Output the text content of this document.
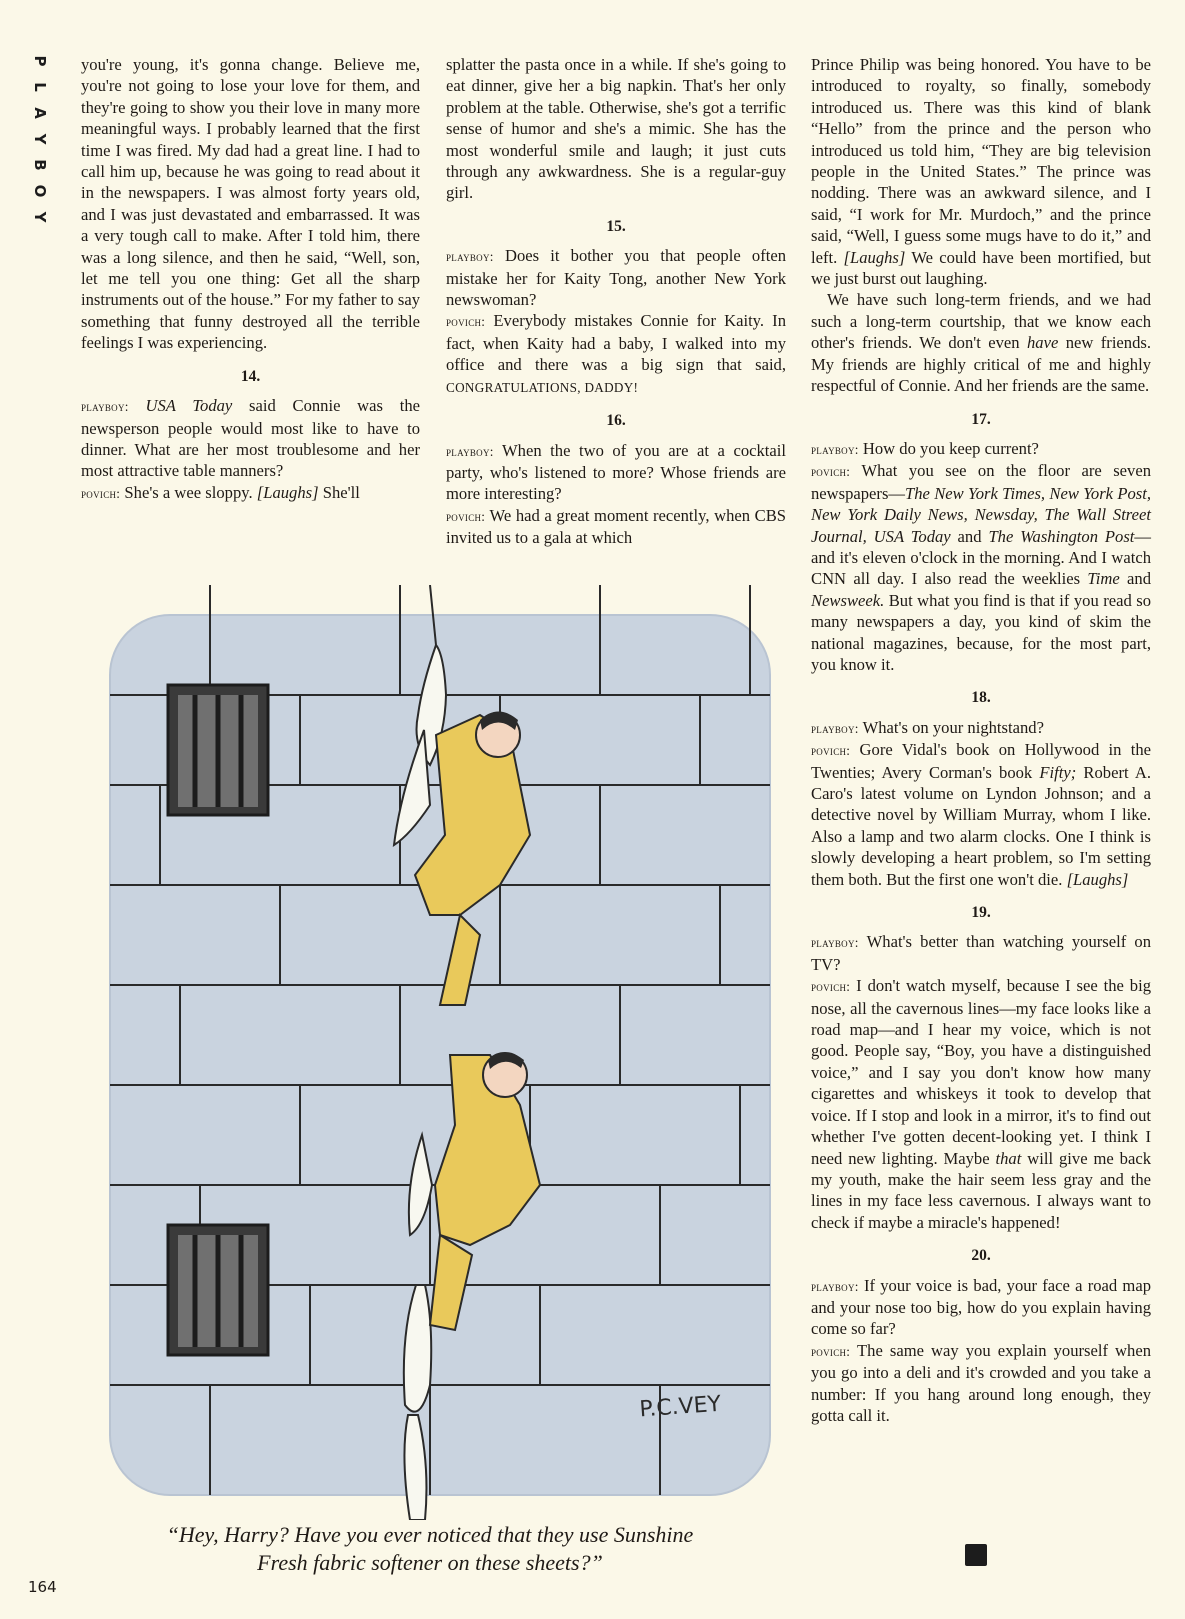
P
L
A
Y
B
O
Y

you're young, it's gonna change. Believe me, you're not going to lose your love for them, and they're going to show you their love in many more meaningful ways. I probably learned that the first time I was fired. My dad had a great line. I had to call him up, because he was going to read about it in the newspapers. I was almost forty years old, and I was just devastated and embarrassed. It was a very tough call to make. After I told him, there was a long silence, and then he said, “Well, son, let me tell you one thing: Get all the sharp instruments out of the house.” For my father to say something that funny destroyed all the terrible feelings I was experiencing.

14.

playboy: USA Today said Connie was the newsperson people would most like to have to dinner. What are her most troublesome and her most attractive table manners?

povich: She's a wee sloppy. [Laughs] She'll

splatter the pasta once in a while. If she's going to eat dinner, give her a big napkin. That's her only problem at the table. Otherwise, she's got a terrific sense of humor and she's a mimic. She has the most wonderful smile and laugh; it just cuts through any awkwardness. She is a regular-guy girl.

15.

playboy: Does it bother you that people often mistake her for Kaity Tong, another New York newswoman?

povich: Everybody mistakes Connie for Kaity. In fact, when Kaity had a baby, I walked into my office and there was a big sign that said, CONGRATULATIONS, DADDY!

16.

playboy: When the two of you are at a cocktail party, who's listened to more? Whose friends are more interesting?

povich: We had a great moment recently, when CBS invited us to a gala at which

Prince Philip was being honored. You have to be introduced to royalty, so finally, somebody introduced us. There was this kind of blank “Hello” from the prince and the person who introduced us told him, “They are big television people in the United States.” The prince was nodding. There was an awkward silence, and I said, “I work for Mr. Murdoch,” and the prince said, “Well, I guess some mugs have to do it,” and left. [Laughs] We could have been mortified, but we just burst out laughing.

We have such long-term friends, and we had such a long-term courtship, that we know each other's friends. We don't even have new friends. My friends are highly critical of me and highly respectful of Connie. And her friends are the same.

17.

playboy: How do you keep current?

povich: What you see on the floor are seven newspapers—The New York Times, New York Post, New York Daily News, Newsday, The Wall Street Journal, USA Today and The Washington Post—and it's eleven o'clock in the morning. And I watch CNN all day. I also read the weeklies Time and Newsweek. But what you find is that if you read so many newspapers a day, you kind of skim the national magazines, because, for the most part, you know it.

18.

playboy: What's on your nightstand?

povich: Gore Vidal's book on Hollywood in the Twenties; Avery Corman's book Fifty; Robert A. Caro's latest volume on Lyndon Johnson; and a detective novel by William Murray, whom I like. Also a lamp and two alarm clocks. One I think is slowly developing a heart problem, so I'm setting them both. But the first one won't die. [Laughs]

19.

playboy: What's better than watching yourself on TV?

povich: I don't watch myself, because I see the big nose, all the cavernous lines—my face looks like a road map—and I hear my voice, which is not good. People say, “Boy, you have a distinguished voice,” and I say you don't know how many cigarettes and whiskeys it took to develop that voice. If I stop and look in a mirror, it's to find out whether I've gotten decent-looking yet. I think I need new lighting. Maybe that will give me back my youth, make the hair seem less gray and the lines in my face less cavernous. I always want to check if maybe a miracle's happened!

20.

playboy: If your voice is bad, your face a road map and your nose too big, how do you explain having come so far?

povich: The same way you explain yourself when you go into a deli and it's crowded and you take a number: If you hang around long enough, they gotta call it.

P.C.VEY
“Hey, Harry? Have you ever noticed that they use Sunshine Fresh fabric softener on these sheets?”
164
